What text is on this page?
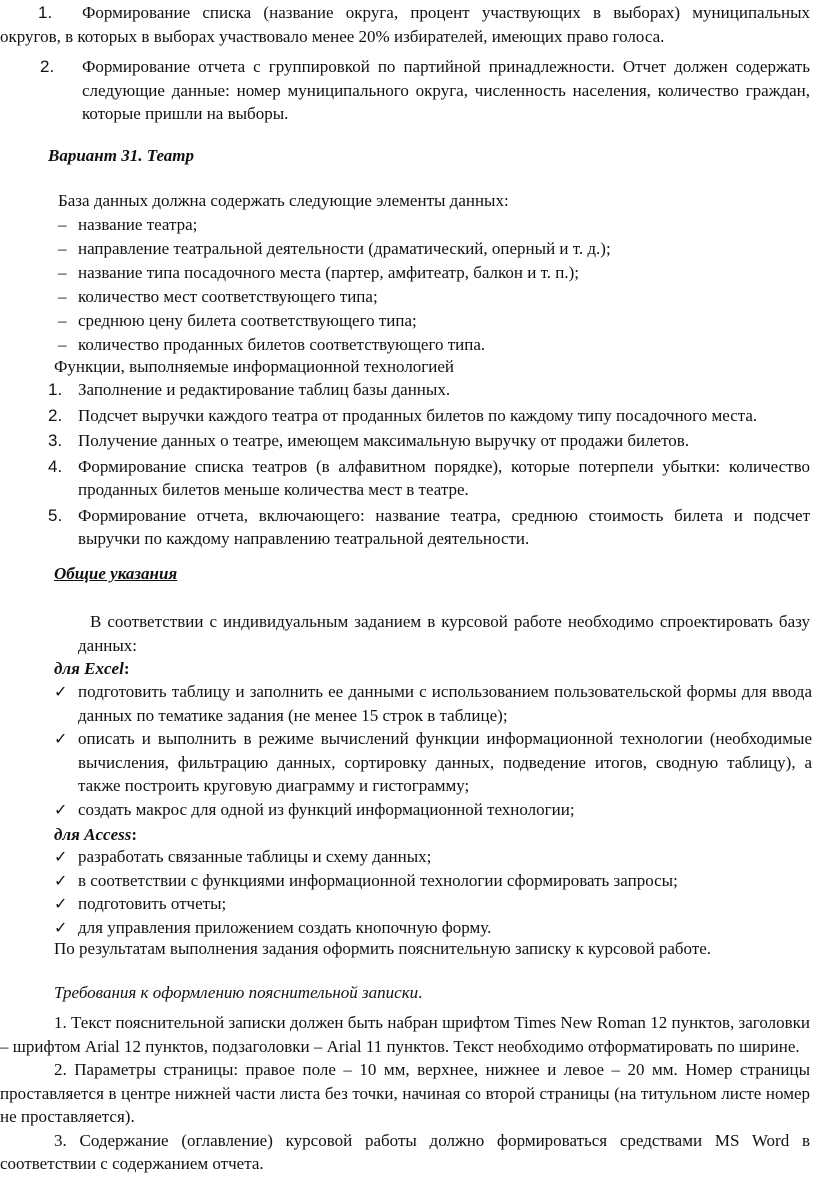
1. Формирование списка (название округа, процент участвующих в выборах) муниципальных

округов, в которых в выборах участвовало менее 20% избирателей, имеющих право голоса.

2. Формирование отчета с группировкой по партийной принадлежности. Отчет должен содержать следующие данные: номер муниципального округа, численность населения, количество граждан, которые пришли на выборы.

Вариант 31. Театр

База данных должна содержать следующие элементы данных:

– название театра;
– направление театральной деятельности (драматический, оперный и т. д.);
– название типа посадочного места (партер, амфитеатр, балкон и т. п.);
– количество мест соответствующего типа;
– среднюю цену билета соответствующего типа;
– количество проданных билетов соответствующего типа.

Функции, выполняемые информационной технологией

1. Заполнение и редактирование таблиц базы данных.

2. Подсчет выручки каждого театра от проданных билетов по каждому типу посадочного места.

3. Получение данных о театре, имеющем максимальную выручку от продажи билетов.

4. Формирование списка театров (в алфавитном порядке), которые потерпели убытки: количество проданных билетов меньше количества мест в театре.

5. Формирование отчета, включающего: название театра, среднюю стоимость билета и подсчет выручки по каждому направлению театральной деятельности.

Общие указания

В соответствии с индивидуальным заданием в курсовой работе необходимо спроектировать базу данных:

для Excel:

✓ подготовить таблицу и заполнить ее данными с использованием пользовательской формы для ввода данных по тематике задания (не менее 15 строк в таблице);
✓ описать и выполнить в режиме вычислений функции информационной технологии (необходимые вычисления, фильтрацию данных, сортировку данных, подведение итогов, сводную таблицу), а также построить круговую диаграмму и гистограмму;
✓ создать макрос для одной из функций информационной технологии;

для Access:

✓ разработать связанные таблицы и схему данных;
✓ в соответствии с функциями информационной технологии сформировать запросы;
✓ подготовить отчеты;
✓ для управления приложением создать кнопочную форму.

По результатам выполнения задания оформить пояснительную записку к курсовой работе.

Требования к оформлению пояснительной записки.

1. Текст пояснительной записки должен быть набран шрифтом Times New Roman 12 пунктов, заголовки – шрифтом Arial 12 пунктов, подзаголовки – Arial 11 пунктов. Текст необходимо отформатировать по ширине.

2. Параметры страницы: правое поле – 10 мм, верхнее, нижнее и левое – 20 мм. Номер страницы проставляется в центре нижней части листа без точки, начиная со второй страницы (на титульном листе номер не проставляется).

3. Содержание (оглавление) курсовой работы должно формироваться средствами MS Word в соответствии с содержанием отчета.
